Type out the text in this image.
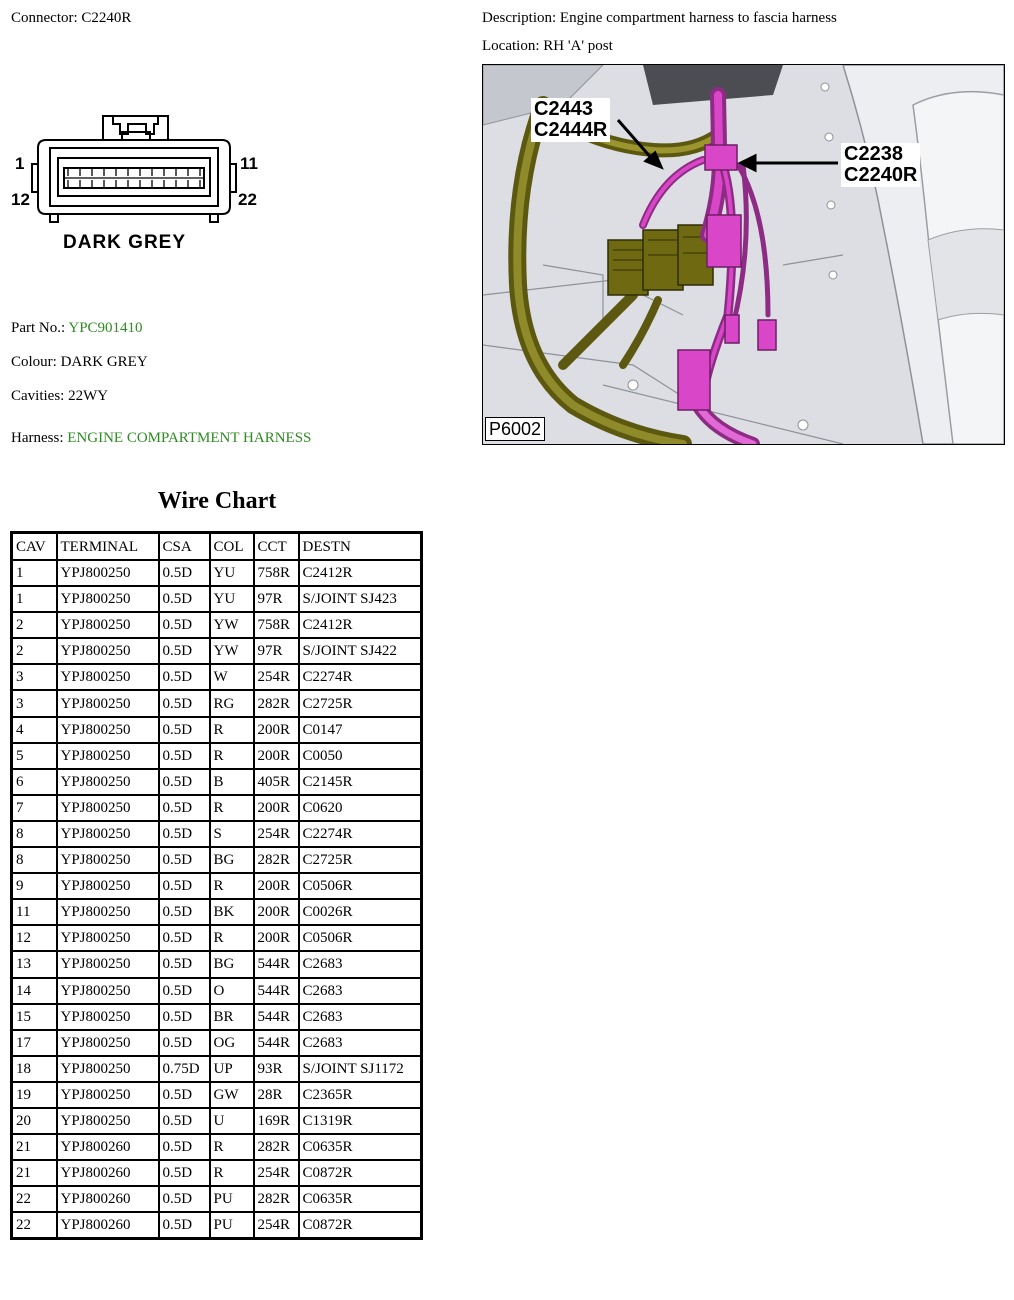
Connector: C2240R	Description: Engine compartment harness to fascia harness
Location: RH 'A' post
1	11
12	22
DARK GREY
Part No.: YPC901410
Colour: DARK GREY
Cavities: 22WY
Harness: ENGINE COMPARTMENT HARNESS
C2443
C2444R
C2238
C2240R
P6002
Wire Chart
CAV	TERMINAL	CSA	COL	CCT	DESTN
1	YPJ800250	0.5D	YU	758R	C2412R
1	YPJ800250	0.5D	YU	97R	S/JOINT SJ423
2	YPJ800250	0.5D	YW	758R	C2412R
2	YPJ800250	0.5D	YW	97R	S/JOINT SJ422
3	YPJ800250	0.5D	W	254R	C2274R
3	YPJ800250	0.5D	RG	282R	C2725R
4	YPJ800250	0.5D	R	200R	C0147
5	YPJ800250	0.5D	R	200R	C0050
6	YPJ800250	0.5D	B	405R	C2145R
7	YPJ800250	0.5D	R	200R	C0620
8	YPJ800250	0.5D	S	254R	C2274R
8	YPJ800250	0.5D	BG	282R	C2725R
9	YPJ800250	0.5D	R	200R	C0506R
11	YPJ800250	0.5D	BK	200R	C0026R
12	YPJ800250	0.5D	R	200R	C0506R
13	YPJ800250	0.5D	BG	544R	C2683
14	YPJ800250	0.5D	O	544R	C2683
15	YPJ800250	0.5D	BR	544R	C2683
17	YPJ800250	0.5D	OG	544R	C2683
18	YPJ800250	0.75D	UP	93R	S/JOINT SJ1172
19	YPJ800250	0.5D	GW	28R	C2365R
20	YPJ800250	0.5D	U	169R	C1319R
21	YPJ800260	0.5D	R	282R	C0635R
21	YPJ800260	0.5D	R	254R	C0872R
22	YPJ800260	0.5D	PU	282R	C0635R
22	YPJ800260	0.5D	PU	254R	C0872R
